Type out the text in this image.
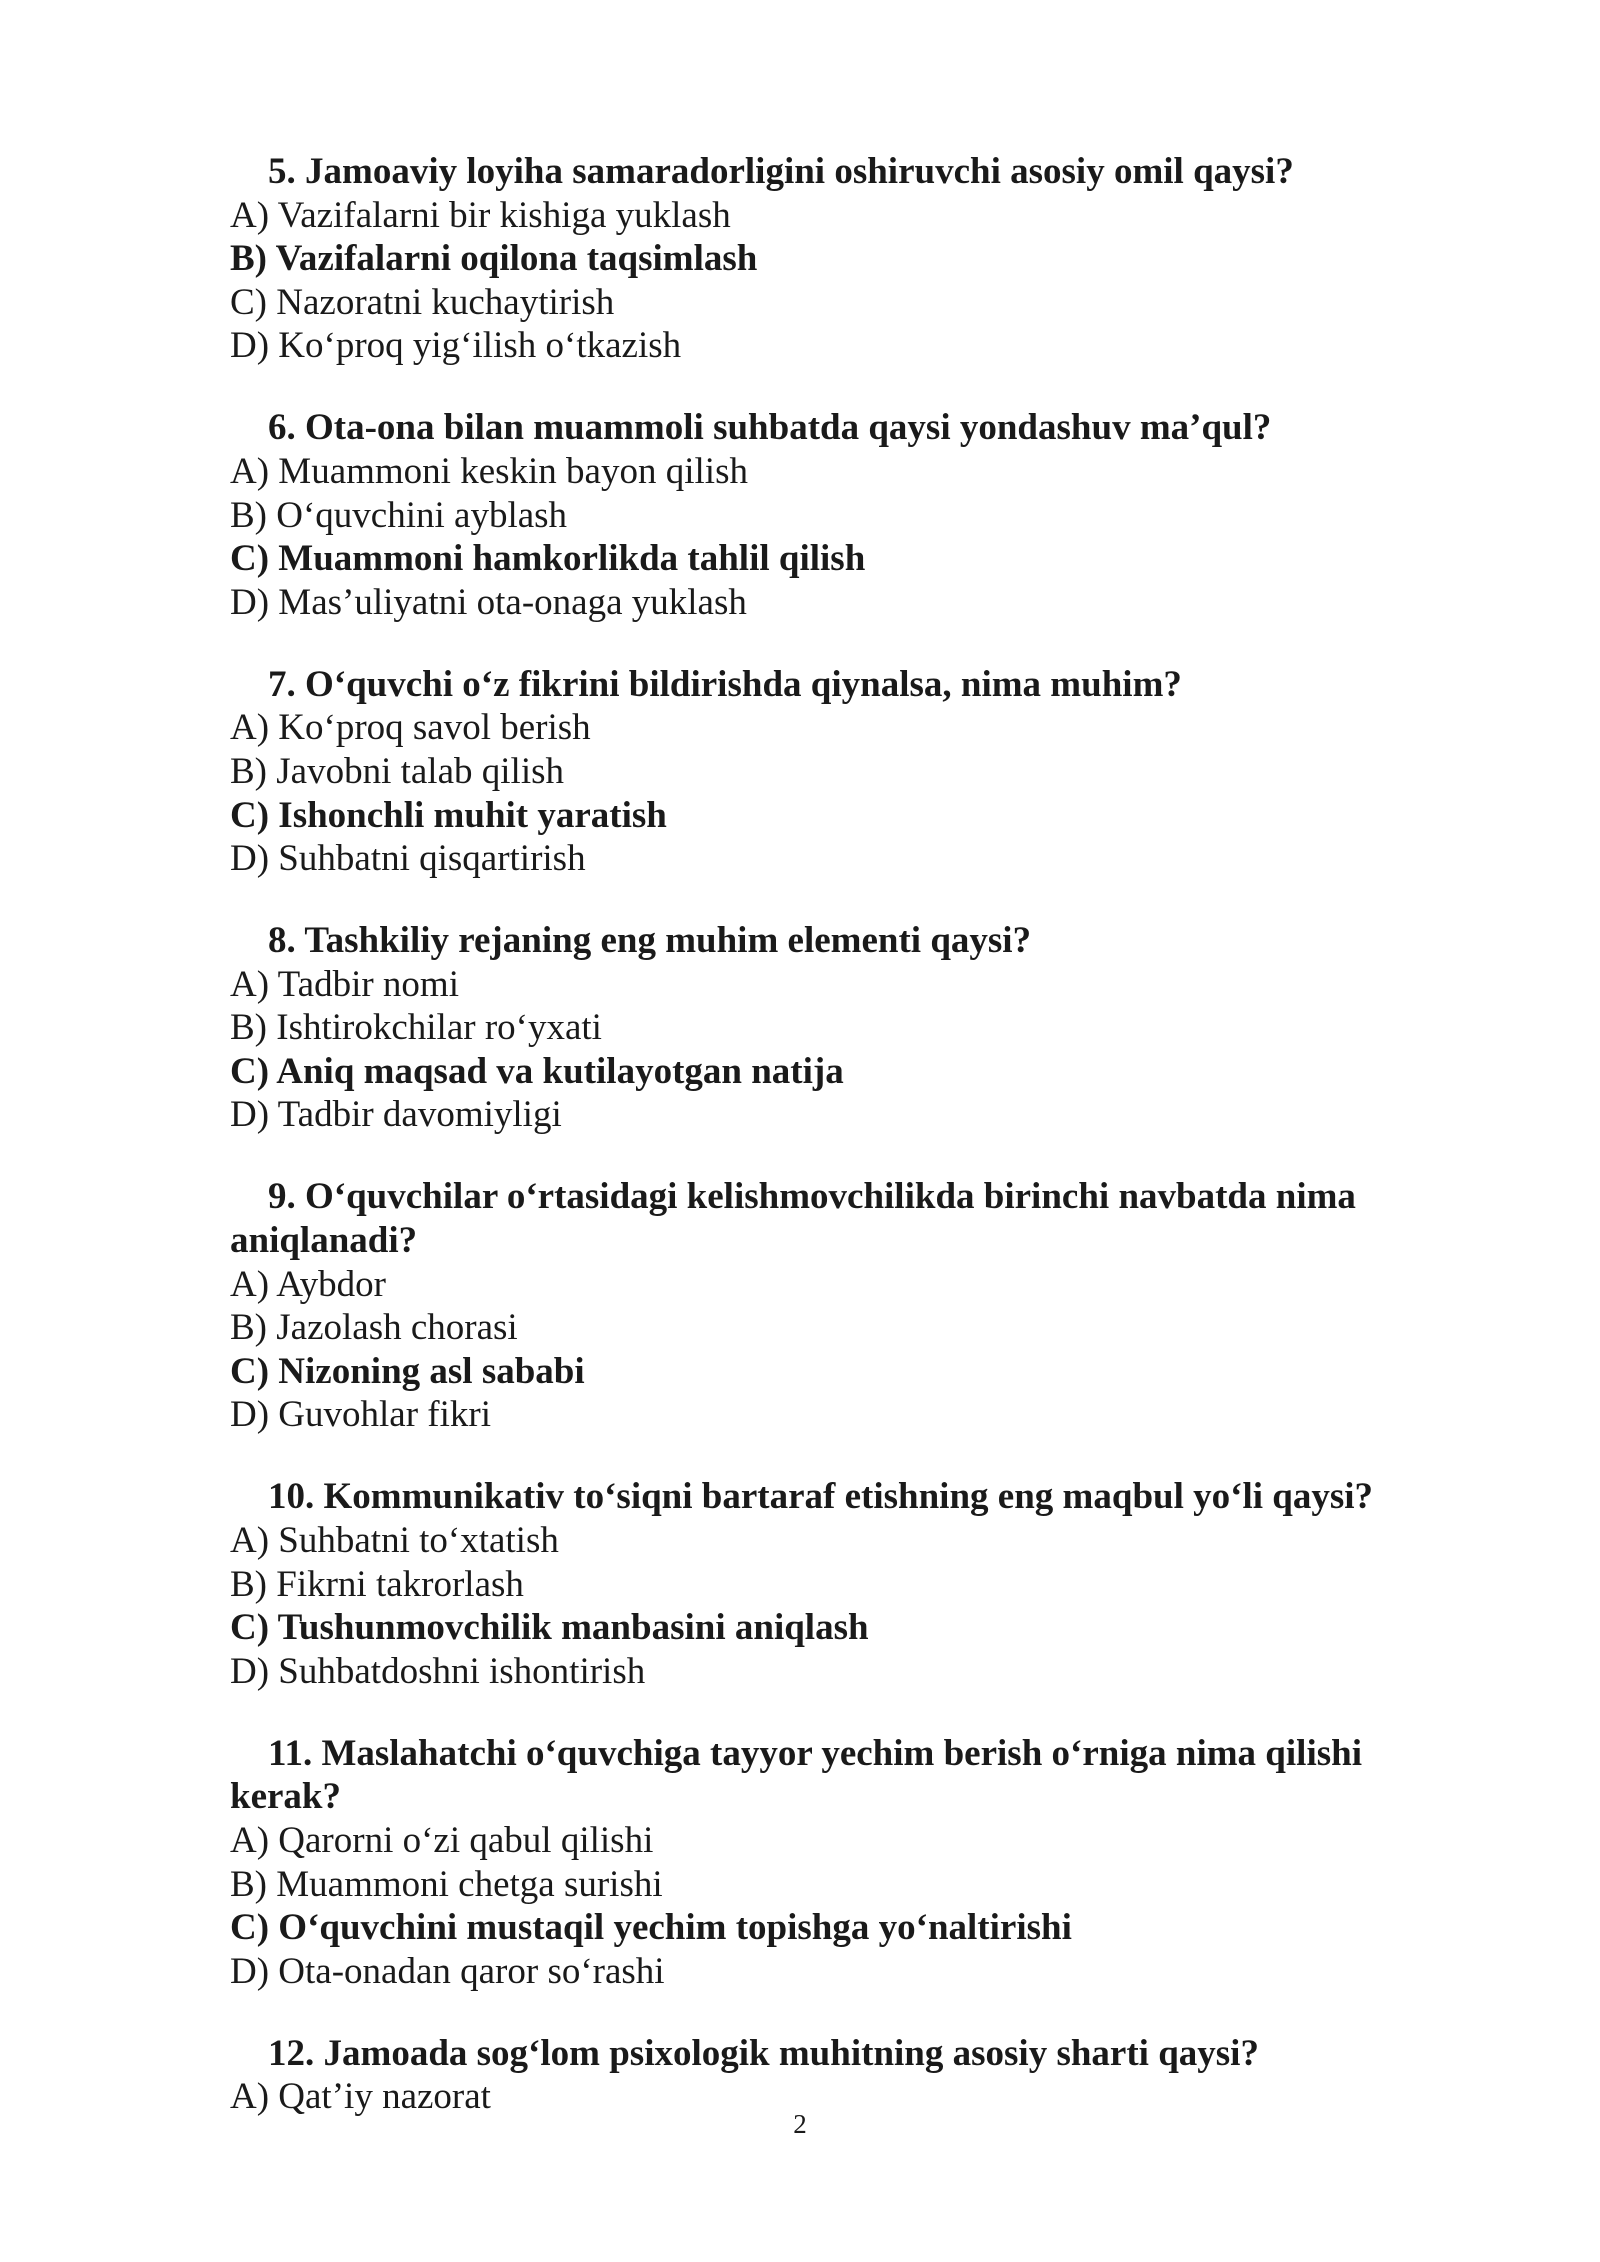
5. Jamoaviy loyiha samaradorligini oshiruvchi asosiy omil qaysi?
A) Vazifalarni bir kishiga yuklash
B) Vazifalarni oqilona taqsimlash
C) Nazoratni kuchaytirish
D) Ko‘proq yig‘ilish o‘tkazish
6. Ota-ona bilan muammoli suhbatda qaysi yondashuv ma’qul?
A) Muammoni keskin bayon qilish
B) O‘quvchini ayblash
C) Muammoni hamkorlikda tahlil qilish
D) Mas’uliyatni ota-onaga yuklash
7. O‘quvchi o‘z fikrini bildirishda qiynalsa, nima muhim?
A) Ko‘proq savol berish
B) Javobni talab qilish
C) Ishonchli muhit yaratish
D) Suhbatni qisqartirish
8. Tashkiliy rejaning eng muhim elementi qaysi?
A) Tadbir nomi
B) Ishtirokchilar ro‘yxati
C) Aniq maqsad va kutilayotgan natija
D) Tadbir davomiyligi
9. O‘quvchilar o‘rtasidagi kelishmovchilikda birinchi navbatda nima aniqlanadi?
A) Aybdor
B) Jazolash chorasi
C) Nizoning asl sababi
D) Guvohlar fikri
10. Kommunikativ to‘siqni bartaraf etishning eng maqbul yo‘li qaysi?
A) Suhbatni to‘xtatish
B) Fikrni takrorlash
C) Tushunmovchilik manbasini aniqlash
D) Suhbatdoshni ishontirish
11. Maslahatchi o‘quvchiga tayyor yechim berish o‘rniga nima qilishi kerak?
A) Qarorni o‘zi qabul qilishi
B) Muammoni chetga surishi
C) O‘quvchini mustaqil yechim topishga yo‘naltirishi
D) Ota-onadan qaror so‘rashi
12. Jamoada sog‘lom psixologik muhitning asosiy sharti qaysi?
A) Qat’iy nazorat
2
